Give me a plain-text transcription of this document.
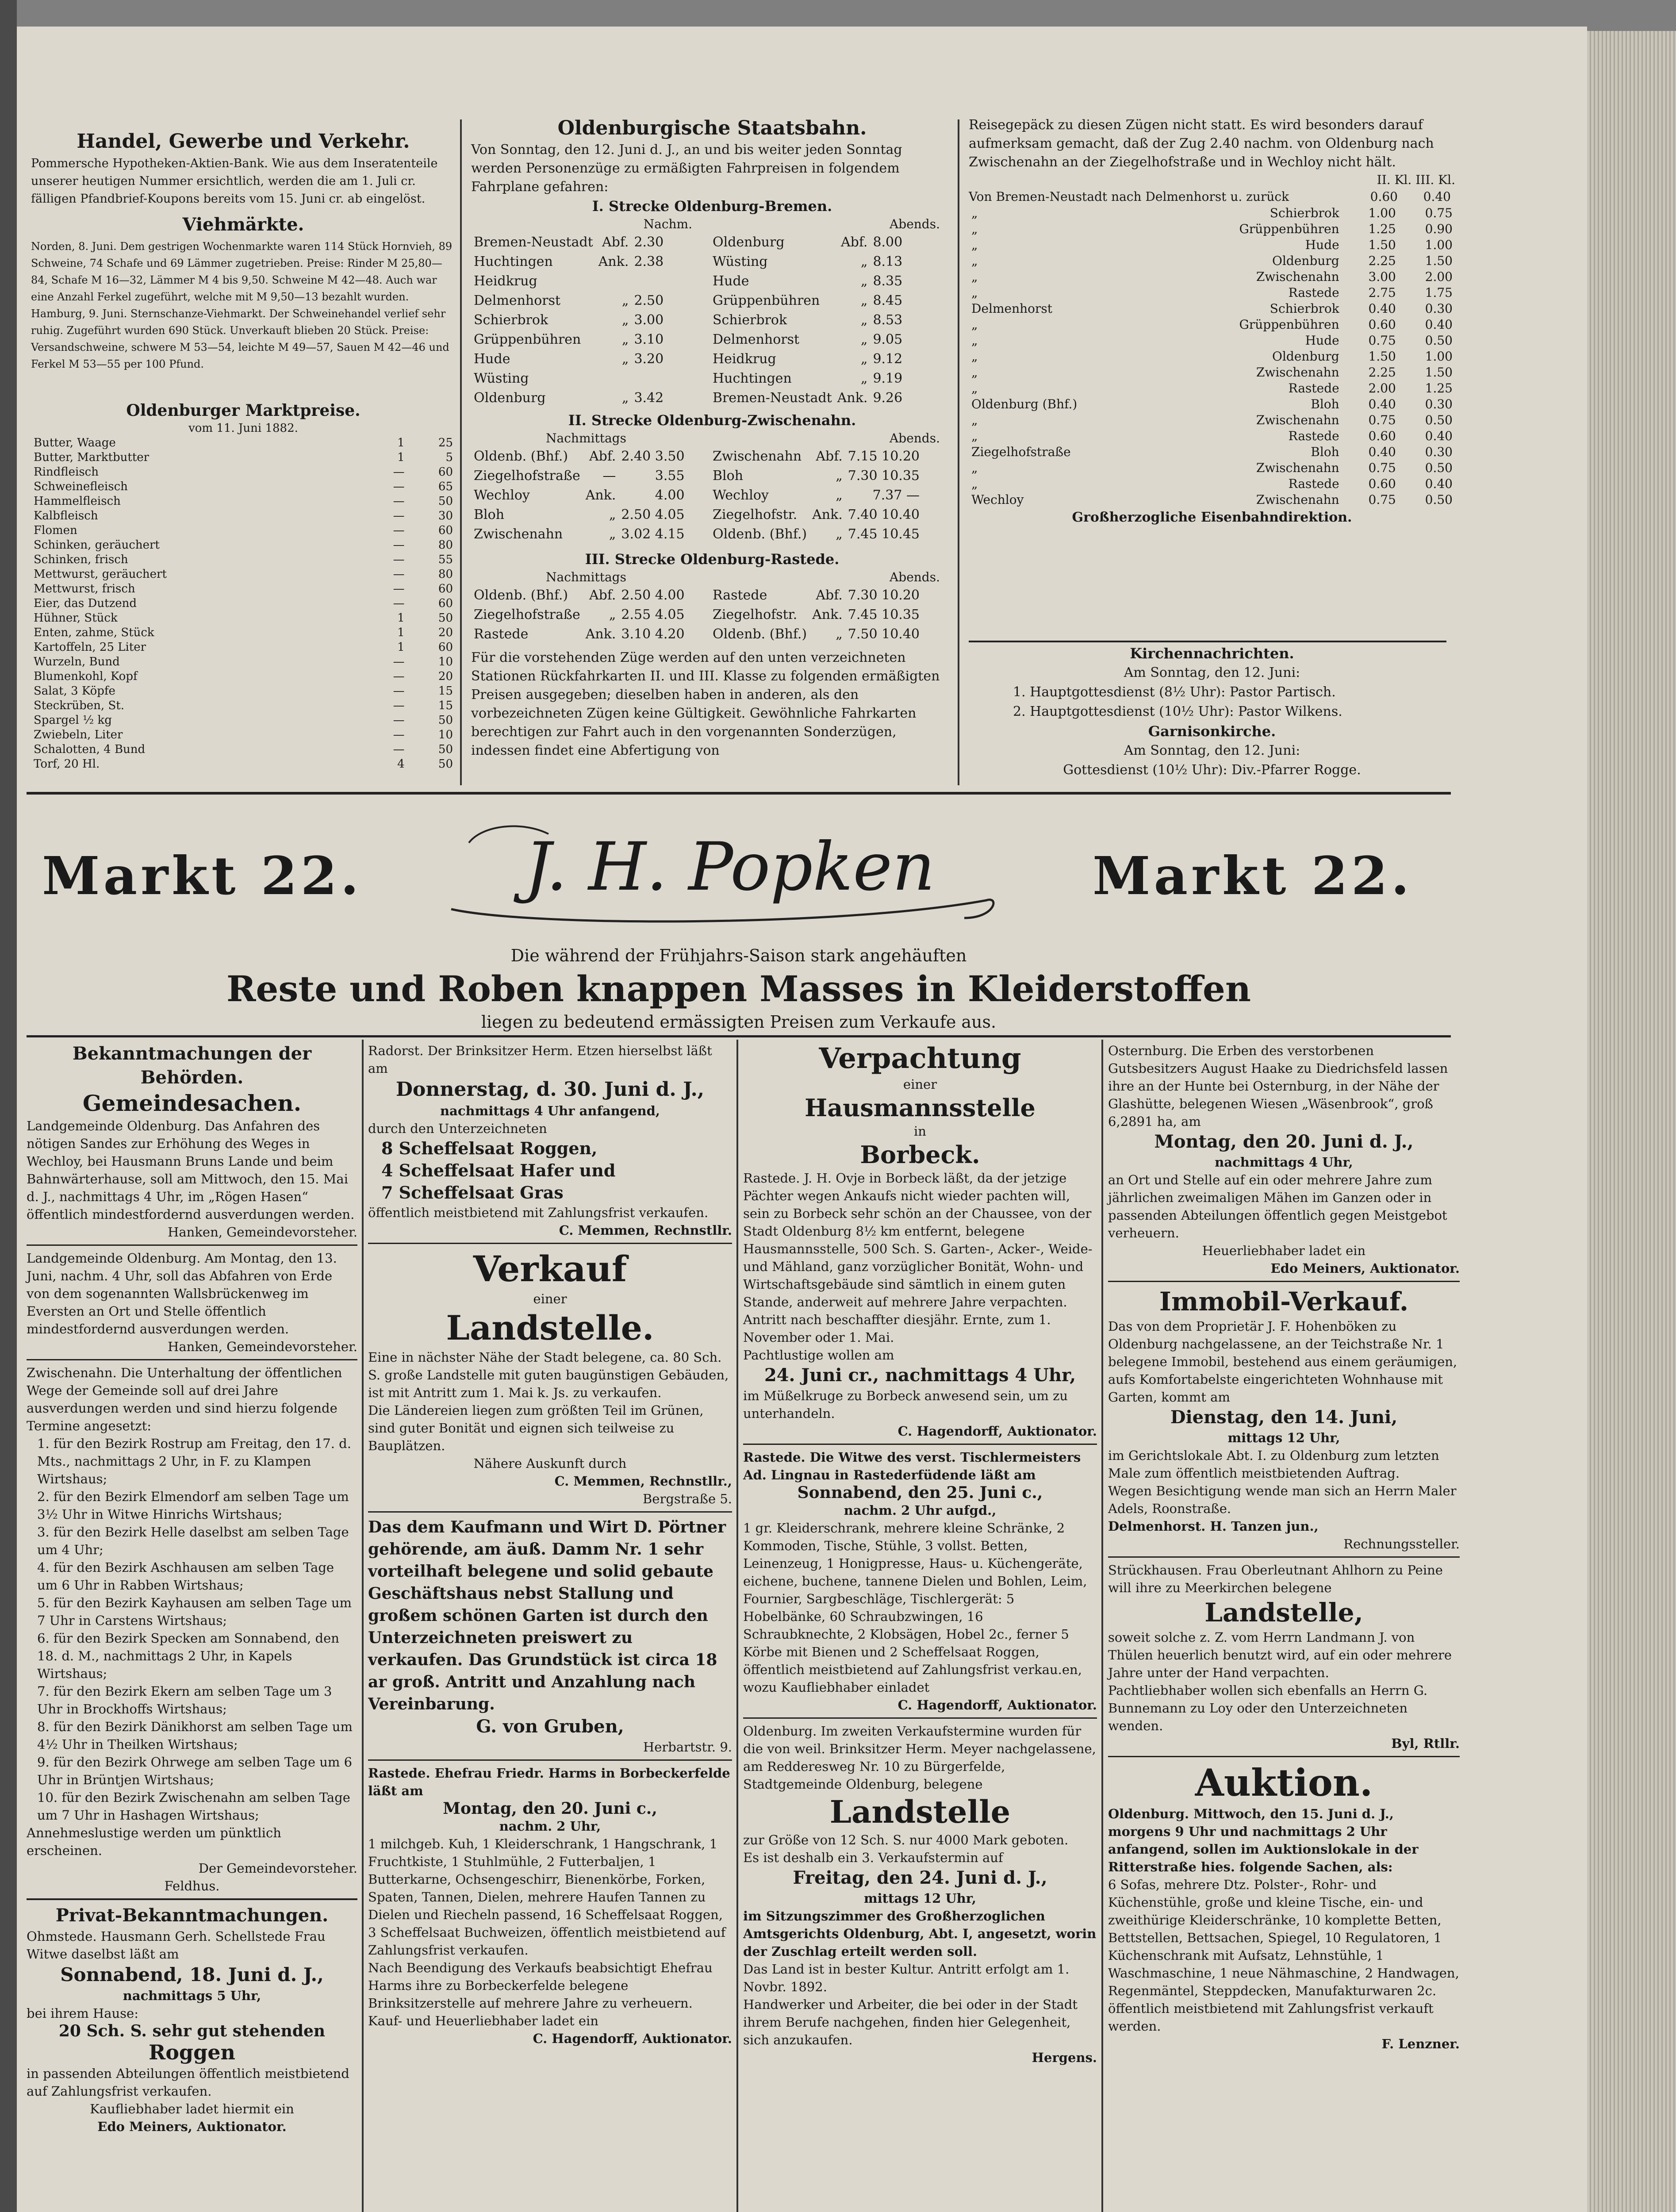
Handel, Gewerbe und Verkehr.

Pommersche Hypotheken-Aktien-Bank. Wie aus dem Inseratenteile unserer heutigen Nummer ersichtlich, werden die am 1. Juli cr. fälligen Pfandbrief-Koupons bereits vom 15. Juni cr. ab eingelöst.

Viehmärkte.

Norden, 8. Juni. Dem gestrigen Wochenmarkte waren 114 Stück Hornvieh, 89 Schweine, 74 Schafe und 69 Lämmer zugetrieben. Preise: Rinder M 25,80—84, Schafe M 16—32, Lämmer M 4 bis 9,50. Schweine M 42—48. Auch war eine Anzahl Ferkel zugeführt, welche mit M 9,50—13 bezahlt wurden. Hamburg, 9. Juni. Sternschanze-Viehmarkt. Der Schweinehandel verlief sehr ruhig. Zugeführt wurden 690 Stück. Unverkauft blieben 20 Stück. Preise: Versandschweine, schwere M 53—54, leichte M 49—57, Sauen M 42—46 und Ferkel M 53—55 per 100 Pfund.

Oldenburger Marktpreise.
vom 11. Juni 1882.
Butter, Waage	1	25
Butter, Marktbutter	1	5
Rindfleisch	—	60
Schweinefleisch	—	65
Hammelfleisch	—	50
Kalbfleisch	—	30
Flomen	—	60
Schinken, geräuchert	—	80
Schinken, frisch	—	55
Mettwurst, geräuchert	—	80
Mettwurst, frisch	—	60
Eier, das Dutzend	—	60
Hühner, Stück	1	50
Enten, zahme, Stück	1	20
Kartoffeln, 25 Liter	1	60
Wurzeln, Bund	—	10
Blumenkohl, Kopf	—	20
Salat, 3 Köpfe	—	15
Steckrüben, St.	—	15
Spargel ½ kg	—	50
Zwiebeln, Liter	—	10
Schalotten, 4 Bund	—	50
Torf, 20 Hl.	4	50
Oldenburgische Staatsbahn.

Von Sonntag, den 12. Juni d. J., an und bis weiter jeden Sonntag werden Personenzüge zu ermäßigten Fahrpreisen in folgendem Fahrplane gefahren:

I. Strecke Oldenburg-Bremen.
Nachm.
Bremen-Neustadt	Abf.	2.30
Huchtingen	Ank.	2.38
Heidkrug		
Delmenhorst	„	2.50
Schierbrok	„	3.00
Grüppenbühren	„	3.10
Hude	„	3.20
Wüsting		
Oldenburg	„	3.42
Abends.
Oldenburg	Abf.	8.00
Wüsting	„	8.13
Hude	„	8.35
Grüppenbühren	„	8.45
Schierbrok	„	8.53
Delmenhorst	„	9.05
Heidkrug	„	9.12
Huchtingen	„	9.19
Bremen-Neustadt	Ank.	9.26
II. Strecke Oldenburg-Zwischenahn.
Nachmittags
Oldenb. (Bhf.)	Abf.	2.40 3.50
Ziegelhofstraße	—	3.55
Wechloy	Ank.	4.00
Bloh	„	2.50 4.05
Zwischenahn	„	3.02 4.15
Abends.
Zwischenahn	Abf.	7.15 10.20
Bloh	„	7.30 10.35
Wechloy	„	7.37 —
Ziegelhofstr.	Ank.	7.40 10.40
Oldenb. (Bhf.)	„	7.45 10.45
III. Strecke Oldenburg-Rastede.
Nachmittags
Oldenb. (Bhf.)	Abf.	2.50 4.00
Ziegelhofstraße	„	2.55 4.05
Rastede	Ank.	3.10 4.20
Abends.
Rastede	Abf.	7.30 10.20
Ziegelhofstr.	Ank.	7.45 10.35
Oldenb. (Bhf.)	„	7.50 10.40

Für die vorstehenden Züge werden auf den unten verzeichneten Stationen Rückfahrkarten II. und III. Klasse zu folgenden ermäßigten Preisen ausgegeben; dieselben haben in anderen, als den vorbezeichneten Zügen keine Gültigkeit. Gewöhnliche Fahrkarten berechtigen zur Fahrt auch in den vorgenannten Sonderzügen, indessen findet eine Abfertigung von

Reisegepäck zu diesen Zügen nicht statt. Es wird besonders darauf aufmerksam gemacht, daß der Zug 2.40 nachm. von Oldenburg nach Zwischenahn an der Ziegelhofstraße und in Wechloy nicht hält.

II. Kl. III. Kl.
Von Bremen-Neustadt nach Delmenhorst u. zurück	0.60 0.40
„	Schierbrok	1.00	0.75
„	Grüppenbühren	1.25	0.90
„	Hude	1.50	1.00
„	Oldenburg	2.25	1.50
„	Zwischenahn	3.00	2.00
„	Rastede	2.75	1.75
Delmenhorst	Schierbrok	0.40	0.30
„	Grüppenbühren	0.60	0.40
„	Hude	0.75	0.50
„	Oldenburg	1.50	1.00
„	Zwischenahn	2.25	1.50
„	Rastede	2.00	1.25
Oldenburg (Bhf.)	Bloh	0.40	0.30
„	Zwischenahn	0.75	0.50
„	Rastede	0.60	0.40
Ziegelhofstraße	Bloh	0.40	0.30
„	Zwischenahn	0.75	0.50
„	Rastede	0.60	0.40
Wechloy	Zwischenahn	0.75	0.50
Großherzogliche Eisenbahndirektion.
Kirchennachrichten.
Am Sonntag, den 12. Juni:
1. Hauptgottesdienst (8½ Uhr): Pastor Partisch.
2. Hauptgottesdienst (10½ Uhr): Pastor Wilkens.
Garnisonkirche.
Am Sonntag, den 12. Juni:
Gottesdienst (10½ Uhr): Div.-Pfarrer Rogge.
Markt 22.	Markt 22.
J. H. Popken
Die während der Frühjahrs-Saison stark angehäuften
Reste und Roben knappen Masses in Kleiderstoffen
liegen zu bedeutend ermässigten Preisen zum Verkaufe aus.
Bekanntmachungen der Behörden.
Gemeindesachen.

Landgemeinde Oldenburg. Das Anfahren des nötigen Sandes zur Erhöhung des Weges in Wechloy, bei Hausmann Bruns Lande und beim Bahnwärterhause, soll am Mittwoch, den 15. Mai d. J., nachmittags 4 Uhr, im „Rögen Hasen“ öffentlich mindestfordernd ausverdungen werden.

Hanken, Gemeindevorsteher.

Landgemeinde Oldenburg. Am Montag, den 13. Juni, nachm. 4 Uhr, soll das Abfahren von Erde von dem sogenannten Wallsbrückenweg im Eversten an Ort und Stelle öffentlich mindestfordernd ausverdungen werden.

Hanken, Gemeindevorsteher.

Zwischenahn. Die Unterhaltung der öffentlichen Wege der Gemeinde soll auf drei Jahre ausverdungen werden und sind hierzu folgende Termine angesetzt:

1. für den Bezirk Rostrup am Freitag, den 17. d. Mts., nachmittags 2 Uhr, in F. zu Klampen Wirtshaus;

2. für den Bezirk Elmendorf am selben Tage um 3½ Uhr in Witwe Hinrichs Wirtshaus;

3. für den Bezirk Helle daselbst am selben Tage um 4 Uhr;

4. für den Bezirk Aschhausen am selben Tage um 6 Uhr in Rabben Wirtshaus;

5. für den Bezirk Kayhausen am selben Tage um 7 Uhr in Carstens Wirtshaus;

6. für den Bezirk Specken am Sonnabend, den 18. d. M., nachmittags 2 Uhr, in Kapels Wirtshaus;

7. für den Bezirk Ekern am selben Tage um 3 Uhr in Brockhoffs Wirtshaus;

8. für den Bezirk Dänikhorst am selben Tage um 4½ Uhr in Theilken Wirtshaus;

9. für den Bezirk Ohrwege am selben Tage um 6 Uhr in Brüntjen Wirtshaus;

10. für den Bezirk Zwischenahn am selben Tage um 7 Uhr in Hashagen Wirtshaus;

Annehmeslustige werden um pünktlich erscheinen.

Der Gemeindevorsteher.

Feldhus.

Privat-Bekanntmachungen.

Ohmstede. Hausmann Gerh. Schellstede Frau Witwe daselbst läßt am

Sonnabend, 18. Juni d. J.,

nachmittags 5 Uhr,

bei ihrem Hause:

20 Sch. S. sehr gut stehenden

Roggen

in passenden Abteilungen öffentlich meistbietend auf Zahlungsfrist verkaufen.

Kaufliebhaber ladet hiermit ein

Edo Meiners, Auktionator.

Radorst. Der Brinksitzer Herm. Etzen hierselbst läßt am

Donnerstag, d. 30. Juni d. J.,

nachmittags 4 Uhr anfangend,

durch den Unterzeichneten

8 Scheffelsaat Roggen,
4 Scheffelsaat Hafer und
7 Scheffelsaat Gras

öffentlich meistbietend mit Zahlungsfrist verkaufen.

C. Memmen, Rechnstllr.

Verkauf

einer

Landstelle.

Eine in nächster Nähe der Stadt belegene, ca. 80 Sch. S. große Landstelle mit guten baugünstigen Gebäuden, ist mit Antritt zum 1. Mai k. Js. zu verkaufen.

Die Ländereien liegen zum größten Teil im Grünen, sind guter Bonität und eignen sich teilweise zu Bauplätzen.

Nähere Auskunft durch

C. Memmen, Rechnstllr.,

Bergstraße 5.

Das dem Kaufmann und Wirt D. Pörtner gehörende, am äuß. Damm Nr. 1 sehr vorteilhaft belegene und solid gebaute Geschäftshaus nebst Stallung und großem schönen Garten ist durch den Unterzeichneten preiswert zu verkaufen. Das Grundstück ist circa 18 ar groß. Antritt und Anzahlung nach Vereinbarung.

G. von Gruben,

Herbartstr. 9.

Rastede. Ehefrau Friedr. Harms in Borbeckerfelde läßt am

Montag, den 20. Juni c.,

nachm. 2 Uhr,

1 milchgeb. Kuh, 1 Kleiderschrank, 1 Hangschrank, 1 Fruchtkiste, 1 Stuhlmühle, 2 Futterbaljen, 1 Butterkarne, Ochsengeschirr, Bienenkörbe, Forken, Spaten, Tannen, Dielen, mehrere Haufen Tannen zu Dielen und Riecheln passend, 16 Scheffelsaat Roggen, 3 Scheffelsaat Buchweizen, öffentlich meistbietend auf Zahlungsfrist verkaufen.

Nach Beendigung des Verkaufs beabsichtigt Ehefrau Harms ihre zu Borbeckerfelde belegene Brinksitzerstelle auf mehrere Jahre zu verheuern.

Kauf- und Heuerliebhaber ladet ein

C. Hagendorff, Auktionator.

Verpachtung

einer

Hausmannsstelle

in

Borbeck.

Rastede. J. H. Ovje in Borbeck läßt, da der jetzige Pächter wegen Ankaufs nicht wieder pachten will, sein zu Borbeck sehr schön an der Chaussee, von der Stadt Oldenburg 8½ km entfernt, belegene Hausmannsstelle, 500 Sch. S. Garten-, Acker-, Weide- und Mähland, ganz vorzüglicher Bonität, Wohn- und Wirtschaftsgebäude sind sämtlich in einem guten Stande, anderweit auf mehrere Jahre verpachten. Antritt nach beschaffter diesjähr. Ernte, zum 1. November oder 1. Mai.

Pachtlustige wollen am

24. Juni cr., nachmittags 4 Uhr,

im Müßelkruge zu Borbeck anwesend sein, um zu unterhandeln.

C. Hagendorff, Auktionator.

Rastede. Die Witwe des verst. Tischlermeisters Ad. Lingnau in Rastederfüdende läßt am

Sonnabend, den 25. Juni c.,

nachm. 2 Uhr aufgd.,

1 gr. Kleiderschrank, mehrere kleine Schränke, 2 Kommoden, Tische, Stühle, 3 vollst. Betten, Leinenzeug, 1 Honigpresse, Haus- u. Küchengeräte, eichene, buchene, tannene Dielen und Bohlen, Leim, Fournier, Sargbeschläge, Tischlergerät: 5 Hobelbänke, 60 Schraubzwingen, 16 Schraubknechte, 2 Klobsägen, Hobel 2c., ferner 5 Körbe mit Bienen und 2 Scheffelsaat Roggen, öffentlich meistbietend auf Zahlungsfrist verkau.en, wozu Kaufliebhaber einladet

C. Hagendorff, Auktionator.

Oldenburg. Im zweiten Verkaufstermine wurden für die von weil. Brinksitzer Herm. Meyer nachgelassene, am Redderesweg Nr. 10 zu Bürgerfelde, Stadtgemeinde Oldenburg, belegene

Landstelle

zur Größe von 12 Sch. S. nur 4000 Mark geboten.

Es ist deshalb ein 3. Verkaufstermin auf

Freitag, den 24. Juni d. J.,

mittags 12 Uhr,

im Sitzungszimmer des Großherzoglichen Amtsgerichts Oldenburg, Abt. I, angesetzt, worin der Zuschlag erteilt werden soll.

Das Land ist in bester Kultur. Antritt erfolgt am 1. Novbr. 1892.

Handwerker und Arbeiter, die bei oder in der Stadt ihrem Berufe nachgehen, finden hier Gelegenheit, sich anzukaufen.

Hergens.

Osternburg. Die Erben des verstorbenen Gutsbesitzers August Haake zu Diedrichsfeld lassen ihre an der Hunte bei Osternburg, in der Nähe der Glashütte, belegenen Wiesen „Wäsenbrook“, groß 6,2891 ha, am

Montag, den 20. Juni d. J.,

nachmittags 4 Uhr,

an Ort und Stelle auf ein oder mehrere Jahre zum jährlichen zweimaligen Mähen im Ganzen oder in passenden Abteilungen öffentlich gegen Meistgebot verheuern.

Heuerliebhaber ladet ein

Edo Meiners, Auktionator.

Immobil-Verkauf.

Das von dem Proprietär J. F. Hohenböken zu Oldenburg nachgelassene, an der Teichstraße Nr. 1 belegene Immobil, bestehend aus einem geräumigen, aufs Komfortabelste eingerichteten Wohnhause mit Garten, kommt am

Dienstag, den 14. Juni,

mittags 12 Uhr,

im Gerichtslokale Abt. I. zu Oldenburg zum letzten Male zum öffentlich meistbietenden Auftrag.

Wegen Besichtigung wende man sich an Herrn Maler Adels, Roonstraße.

Delmenhorst. H. Tanzen jun.,

Rechnungssteller.

Strückhausen. Frau Oberleutnant Ahlhorn zu Peine will ihre zu Meerkirchen belegene

Landstelle,

soweit solche z. Z. vom Herrn Landmann J. von Thülen heuerlich benutzt wird, auf ein oder mehrere Jahre unter der Hand verpachten.

Pachtliebhaber wollen sich ebenfalls an Herrn G. Bunnemann zu Loy oder den Unterzeichneten wenden.

Byl, Rtllr.

Auktion.

Oldenburg. Mittwoch, den 15. Juni d. J., morgens 9 Uhr und nachmittags 2 Uhr anfangend, sollen im Auktionslokale in der Ritterstraße hies. folgende Sachen, als:

6 Sofas, mehrere Dtz. Polster-, Rohr- und Küchenstühle, große und kleine Tische, ein- und zweithürige Kleiderschränke, 10 komplette Betten, Bettstellen, Bettsachen, Spiegel, 10 Regulatoren, 1 Küchenschrank mit Aufsatz, Lehnstühle, 1 Waschmaschine, 1 neue Nähmaschine, 2 Handwagen, Regenmäntel, Steppdecken, Manufakturwaren 2c. öffentlich meistbietend mit Zahlungsfrist verkauft werden.

F. Lenzner.
